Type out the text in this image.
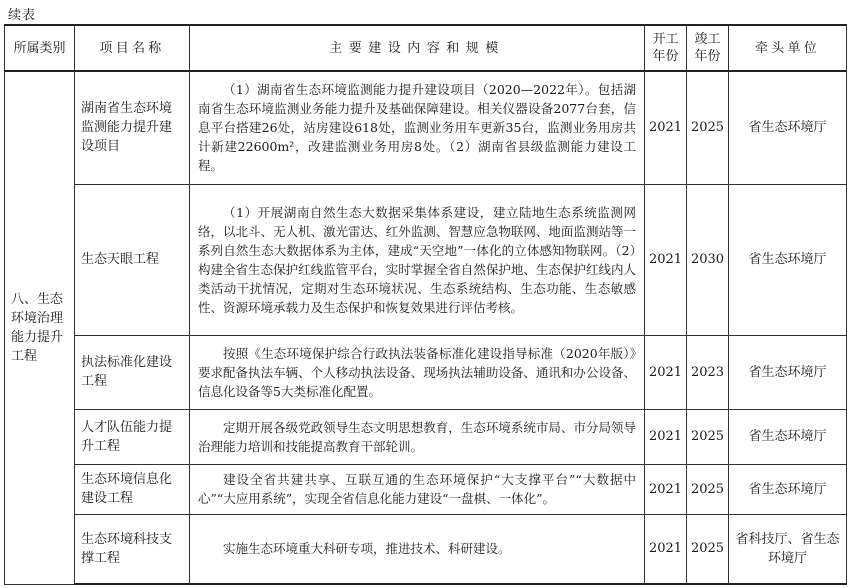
续表
所属类别	项目名称	主要建设内容和规模	开工年份	竣工年份	牵头单位
八、生态环境治理能力提升工程	湖南省生态环境监测能力提升建设项目	（1）湖南省生态环境监测能力提升建设项目（2020—2022年）。包括湖南省生态环境监测业务能力提升及基础保障建设。相关仪器设备2077台套，信息平台搭建26处，站房建设618处，监测业务用车更新35台，监测业务用房共计新建22600m²，改建监测业务用房8处。（2）湖南省县级监测能力建设工程。	2021	2025	省生态环境厅
	生态天眼工程	（1）开展湖南自然生态大数据采集体系建设，建立陆地生态系统监测网络，以北斗、无人机、激光雷达、红外监测、智慧应急物联网、地面监测站等一系列自然生态大数据体系为主体，建成“天空地”一体化的立体感知物联网。（2）构建全省生态保护红线监管平台，实时掌握全省自然保护地、生态保护红线内人类活动干扰情况，定期对生态环境状况、生态系统结构、生态功能、生态敏感性、资源环境承载力及生态保护和恢复效果进行评估考核。	2021	2030	省生态环境厅
	执法标准化建设工程	按照《生态环境保护综合行政执法装备标准化建设指导标准（2020年版）》要求配备执法车辆、个人移动执法设备、现场执法辅助设备、通讯和办公设备、信息化设备等5大类标准化配置。	2021	2023	省生态环境厅
	人才队伍能力提升工程	定期开展各级党政领导生态文明思想教育，生态环境系统市局、市分局领导治理能力培训和技能提高教育干部轮训。	2021	2025	省生态环境厅
	生态环境信息化建设工程	建设全省共建共享、互联互通的生态环境保护“大支撑平台”“大数据中心”“大应用系统”，实现全省信息化能力建设“一盘棋、一体化”。	2021	2025	省生态环境厅
	生态环境科技支撑工程	实施生态环境重大科研专项，推进技术、科研建设。	2021	2025	省科技厅、省生态环境厅
